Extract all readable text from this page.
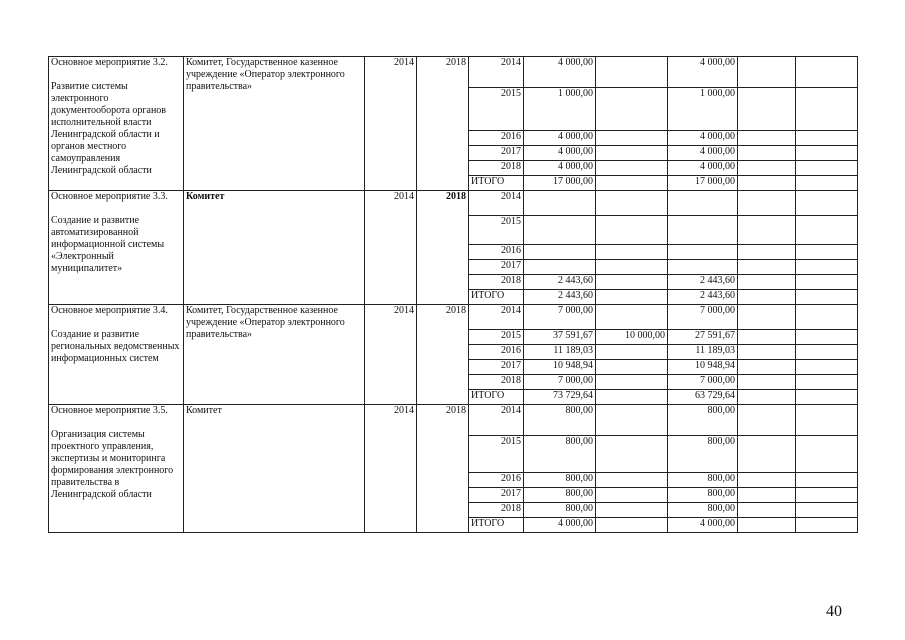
Основное мероприятие 3.2.
Развитие системы электронного документооборота органов исполнительной власти Ленинградской области и органов местного самоуправления Ленинградской области	Комитет, Государственное казенное учреждение «Оператор электронного правительства»	2014	2018	2014	4 000,00		4 000,00		
				2015	1 000,00		1 000,00		
				2016	4 000,00		4 000,00		
				2017	4 000,00		4 000,00		
				2018	4 000,00		4 000,00		
				ИТОГО	17 000,00		17 000,00		

Основное мероприятие 3.3.
Создание и развитие автоматизированной информационной системы «Электронный муниципалитет»	Комитет	2014	2018	2014					
				2015					
				2016					
				2017					
				2018	2 443,60		2 443,60		
				ИТОГО	2 443,60		2 443,60		

Основное мероприятие 3.4.
Создание и развитие региональных ведомственных информационных систем	Комитет, Государственное казенное учреждение «Оператор электронного правительства»	2014	2018	2014	7 000,00		7 000,00		
				2015	37 591,67	10 000,00	27 591,67		
				2016	11 189,03		11 189,03		
				2017	10 948,94		10 948,94		
				2018	7 000,00		7 000,00		
				ИТОГО	73 729,64		63 729,64		

Основное мероприятие 3.5.
Организация системы проектного управления, экспертизы и мониторинга формирования электронного правительства в Ленинградской области	Комитет	2014	2018	2014	800,00		800,00		
				2015	800,00		800,00		
				2016	800,00		800,00		
				2017	800,00		800,00		
				2018	800,00		800,00		
				ИТОГО	4 000,00		4 000,00		
40
